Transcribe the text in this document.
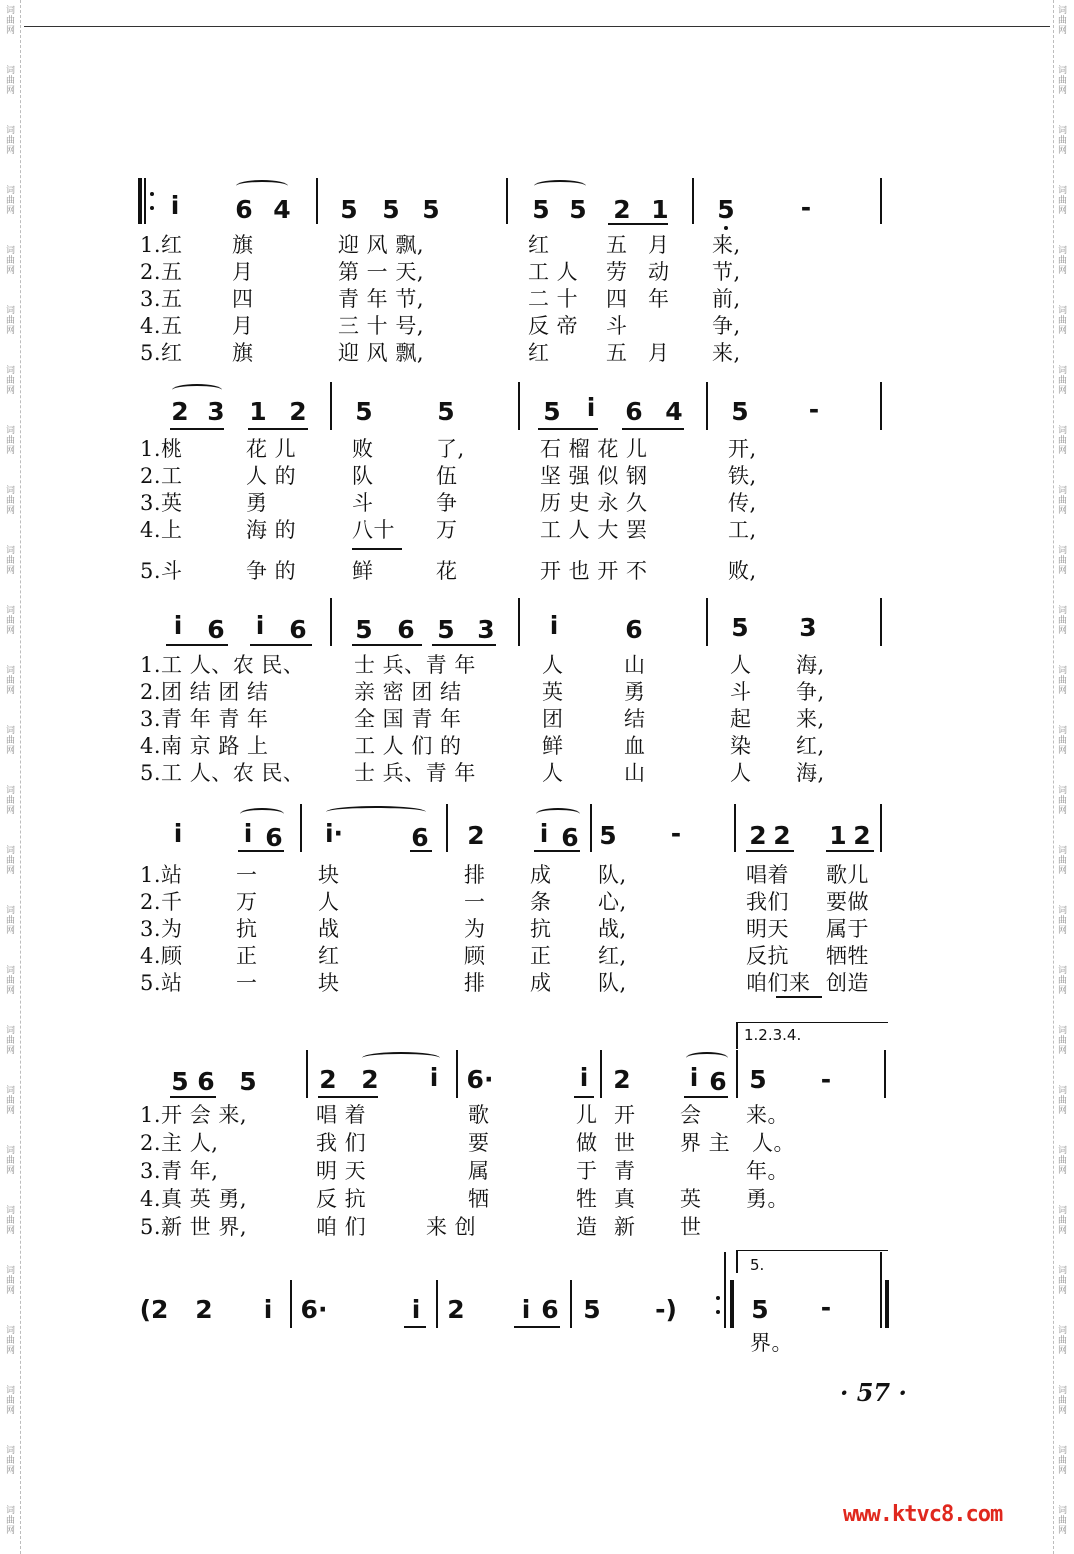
词曲网
词曲网
词曲网
词曲网
词曲网
词曲网
词曲网
词曲网
词曲网
词曲网
词曲网
词曲网
词曲网
词曲网
词曲网
词曲网
词曲网
词曲网
词曲网
词曲网
词曲网
词曲网
词曲网
词曲网
词曲网
词曲网
词曲网
词曲网
词曲网
词曲网
词曲网
词曲网
词曲网
词曲网
词曲网
词曲网
词曲网
词曲网
词曲网
词曲网
词曲网
词曲网
词曲网
词曲网
词曲网
词曲网
词曲网
词曲网
词曲网
词曲网
词曲网
词曲网
i 6 4 5 5 5	5 5 2 1 5	-
1.红 旗	迎 风 飘,	红	五 月 来,
2.五 月	第 一 天,	工 人 劳 动 节,
3.五 四	青 年 节,	二 十 四 年 前,
4.五 月	三 十 号,	反 帝 斗	争,
5.红 旗	迎 风 飘,	红	五 月 来,
2 3 1 2 5	5	5 i 6 4 5 -
1.桃	花 儿	败	了,	石 榴 花 儿	开,
2.工	人 的	队	伍	坚 强 似 钢	铁,
3.英	勇	斗	争	历 史 永 久	传,
4.上	海 的	八十 万	工 人 大 罢	工,
5.斗	争 的	鲜	花	开 也 开 不	败,
i 6 i 6 5 6 5 3 i	6	5 3
1.工 人、农 民、 士 兵、青 年	人	山	人 海,
2.团 结 团 结	亲 密 团 结	英	勇	斗 争,
3.青 年 青 年	全 国 青 年	团	结	起 来,
4.南 京 路 上	工 人 们 的	鲜	血	染 红,
5.工 人、农 民、 士 兵、青 年	人	山	人 海,
i i 6 i·	6 2 i 6 5 -	2 2 1 2
1.站	一	块	排 成 队,	唱着 歌儿
2.千	万	人	一 条 心,	我们 要做
3.为	抗	战	为 抗 战,	明天 属于
4.顾	正	红	顾 正 红,	反抗 牺牲
5.站	一	块	排 成 队,	咱们来 创造
1.2.3.4.
5 6 5	2 2 i 6·	i 2 i 6 5 -
1.开 会 来,	唱 着	歌	儿 开 会 来。
2.主 人,	我 们	要	做 世 界 主 人。
3.青 年,	明 天	属	于 青	年。
4.真 英 勇,	反 抗	牺	牲 真 英 勇。
5.新 世 界,	咱 们	来 创	造 新 世
5.
(2 2 i 6·	i 2 i 6 5 -)	5 -
界。
· 57 ·
www.ktvc8.com
